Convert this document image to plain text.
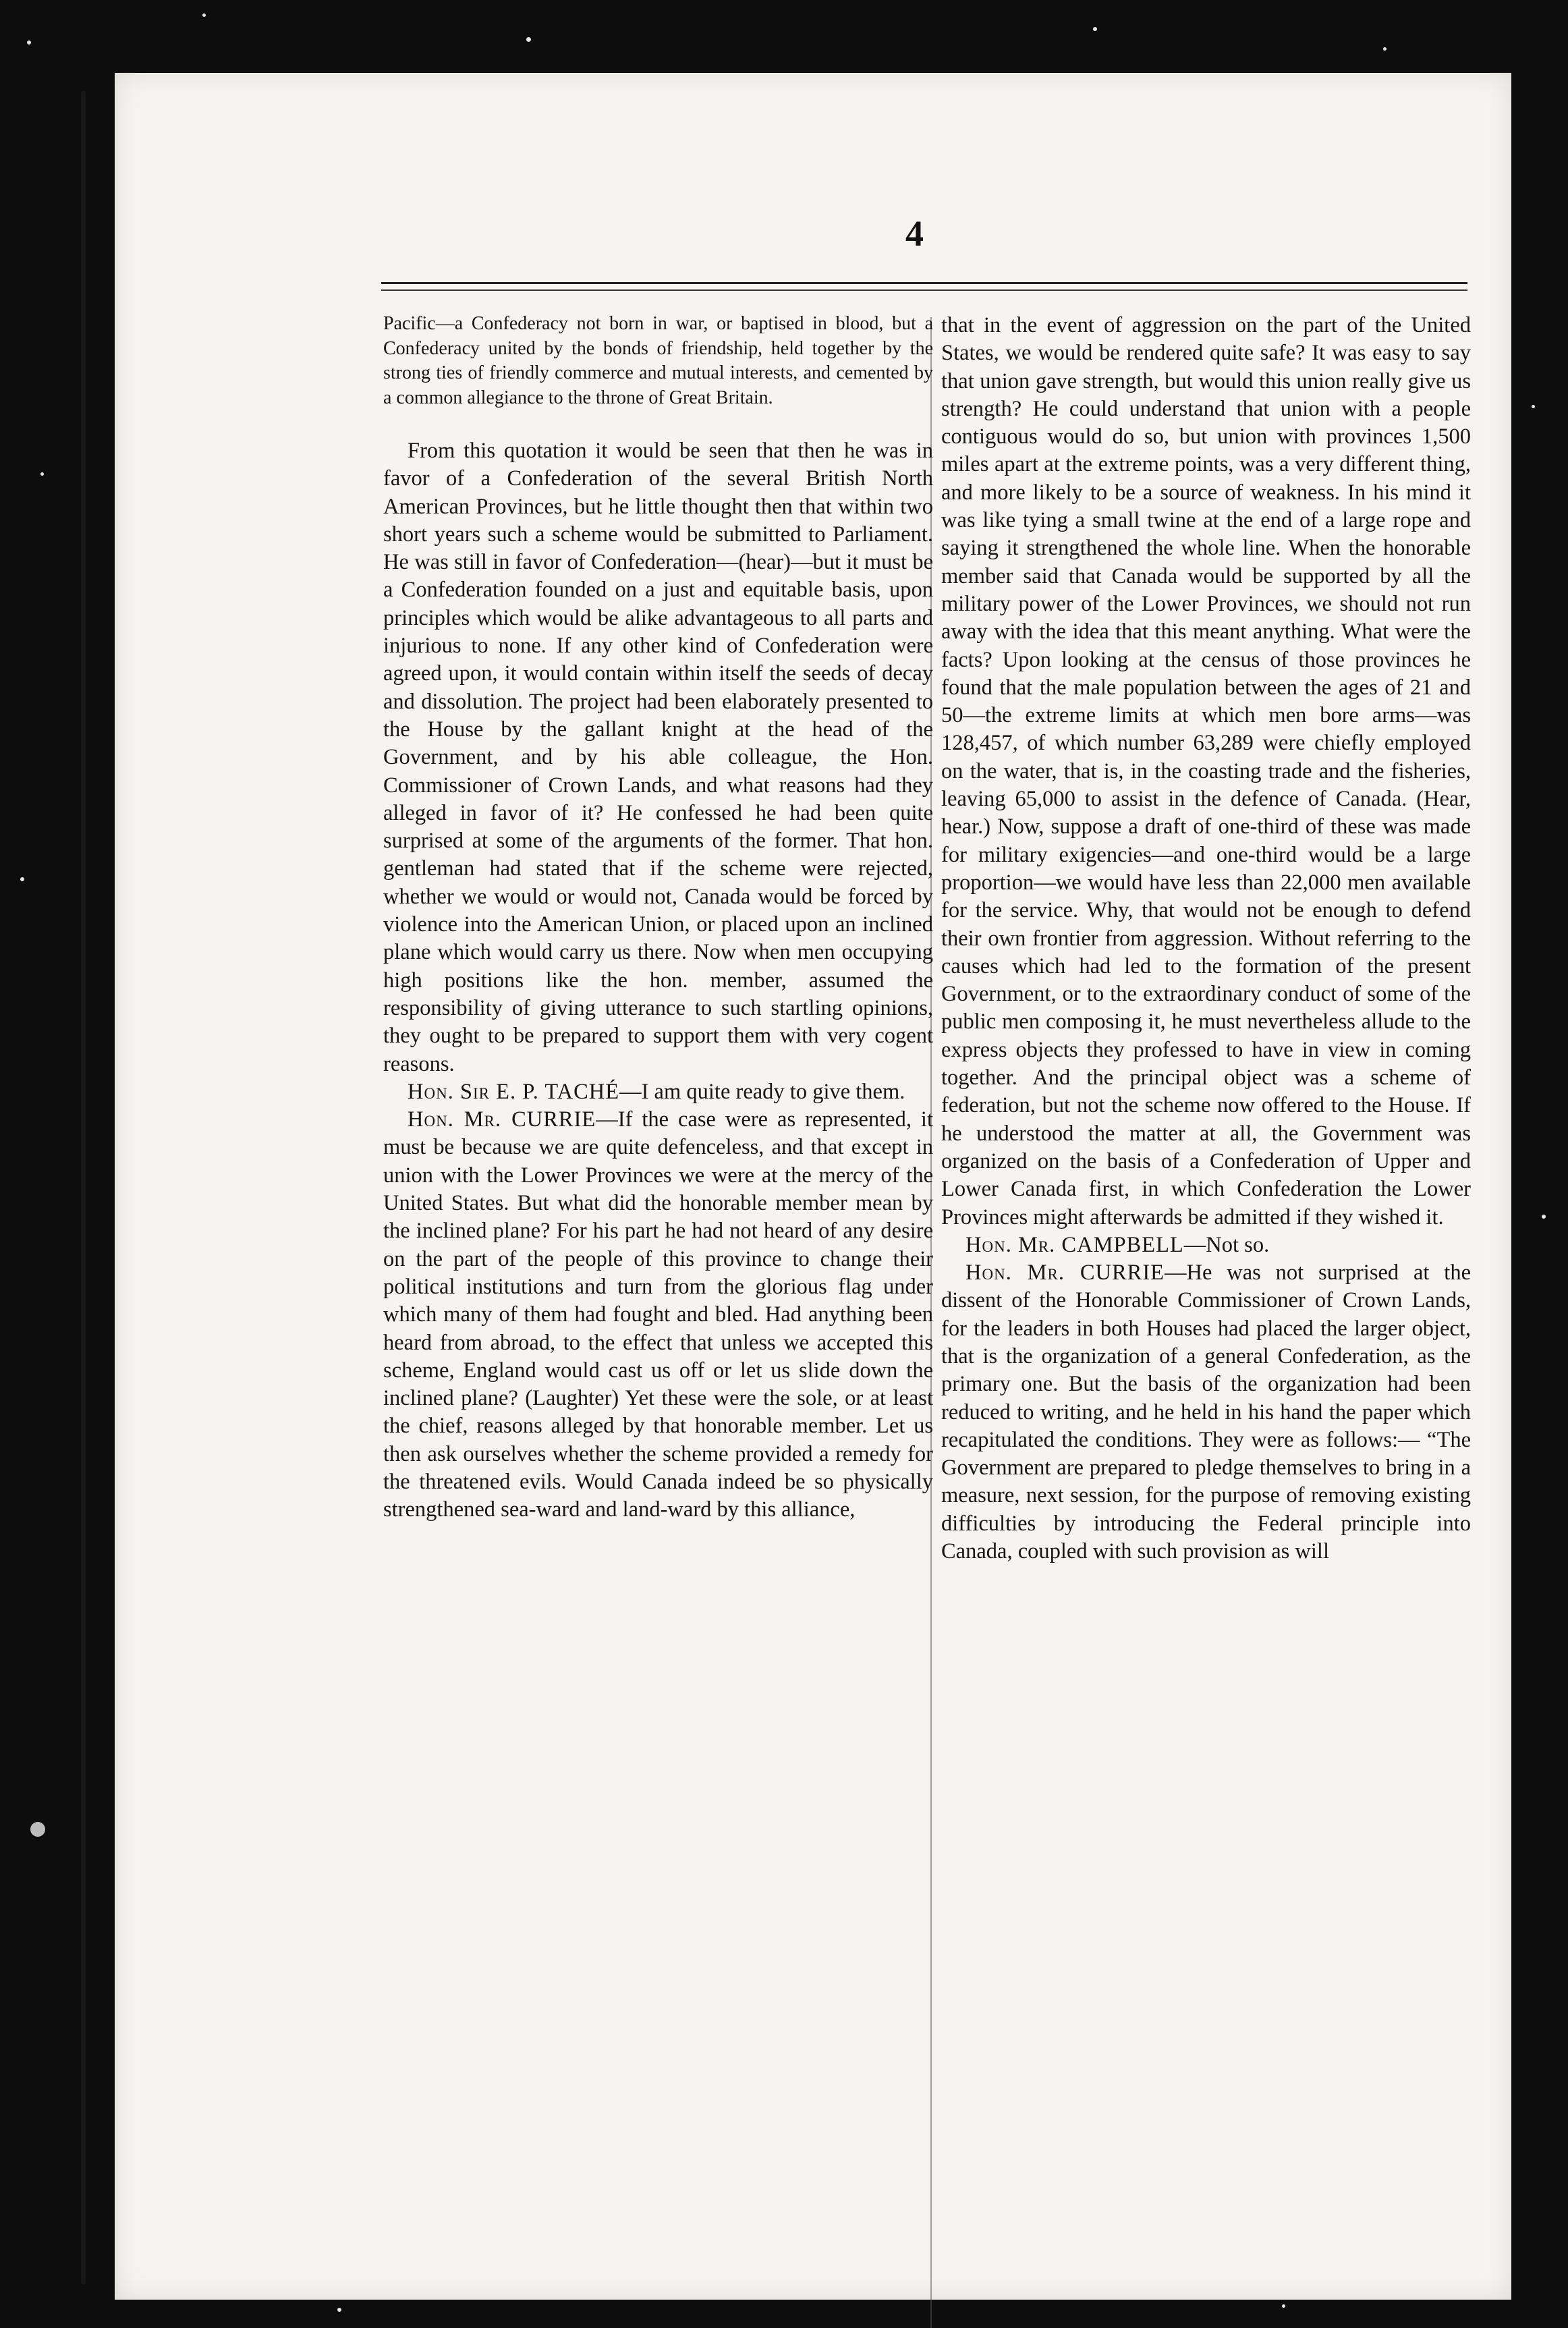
4

Pacific—a Confederacy not born in war, or baptised in blood, but a Confederacy united by the bonds of friendship, held together by the strong ties of friendly commerce and mutual interests, and cemented by a common allegiance to the throne of Great Britain.

From this quotation it would be seen that then he was in favor of a Confederation of the several British North American Provinces, but he little thought then that within two short years such a scheme would be submitted to Parliament. He was still in favor of Confederation—(hear)—but it must be a Confederation founded on a just and equitable basis, upon principles which would be alike advantageous to all parts and injurious to none. If any other kind of Confederation were agreed upon, it would contain within itself the seeds of decay and dissolution. The project had been elaborately presented to the House by the gallant knight at the head of the Government, and by his able colleague, the Hon. Commissioner of Crown Lands, and what reasons had they alleged in favor of it? He confessed he had been quite surprised at some of the arguments of the former. That hon. gentleman had stated that if the scheme were rejected, whether we would or would not, Canada would be forced by violence into the American Union, or placed upon an inclined plane which would carry us there. Now when men occupying high positions like the hon. member, assumed the responsibility of giving utterance to such startling opinions, they ought to be prepared to support them with very cogent reasons.

Hon. Sir E. P. TACHÉ—I am quite ready to give them.

Hon. Mr. CURRIE—If the case were as represented, it must be because we are quite defenceless, and that except in union with the Lower Provinces we were at the mercy of the United States. But what did the honorable member mean by the inclined plane? For his part he had not heard of any desire on the part of the people of this province to change their political institutions and turn from the glorious flag under which many of them had fought and bled. Had anything been heard from abroad, to the effect that unless we accepted this scheme, England would cast us off or let us slide down the inclined plane? (Laughter) Yet these were the sole, or at least the chief, reasons alleged by that honorable member. Let us then ask ourselves whether the scheme provided a remedy for the threatened evils. Would Canada indeed be so physically strengthened sea-ward and land-ward by this alliance,

that in the event of aggression on the part of the United States, we would be rendered quite safe? It was easy to say that union gave strength, but would this union really give us strength? He could understand that union with a people contiguous would do so, but union with provinces 1,500 miles apart at the extreme points, was a very different thing, and more likely to be a source of weakness. In his mind it was like tying a small twine at the end of a large rope and saying it strengthened the whole line. When the honorable member said that Canada would be supported by all the military power of the Lower Provinces, we should not run away with the idea that this meant anything. What were the facts? Upon looking at the census of those provinces he found that the male population between the ages of 21 and 50—the extreme limits at which men bore arms—was 128,457, of which number 63,289 were chiefly employed on the water, that is, in the coasting trade and the fisheries, leaving 65,000 to assist in the defence of Canada. (Hear, hear.) Now, suppose a draft of one-third of these was made for military exigencies—and one-third would be a large proportion—we would have less than 22,000 men available for the service. Why, that would not be enough to defend their own frontier from aggression. Without referring to the causes which had led to the formation of the present Government, or to the extraordinary conduct of some of the public men composing it, he must nevertheless allude to the express objects they professed to have in view in coming together. And the principal object was a scheme of federation, but not the scheme now offered to the House. If he understood the matter at all, the Government was organized on the basis of a Confederation of Upper and Lower Canada first, in which Confederation the Lower Provinces might afterwards be admitted if they wished it.

Hon. Mr. CAMPBELL—Not so.

Hon. Mr. CURRIE—He was not surprised at the dissent of the Honorable Commissioner of Crown Lands, for the leaders in both Houses had placed the larger object, that is the organization of a general Confederation, as the primary one. But the basis of the organization had been reduced to writing, and he held in his hand the paper which recapitulated the conditions. They were as follows:— “The Government are prepared to pledge themselves to bring in a measure, next session, for the purpose of removing existing difficulties by introducing the Federal principle into Canada, coupled with such provision as will
